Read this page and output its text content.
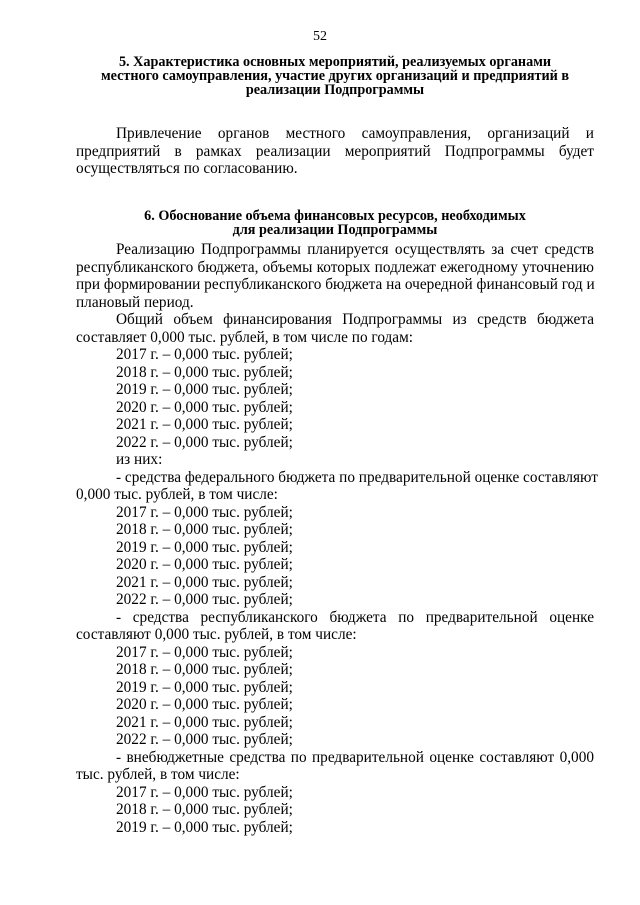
52
5. Характеристика основных мероприятий, реализуемых органами
местного самоуправления, участие других организаций и предприятий в
реализации Подпрограммы
Привлечение органов местного самоуправления, организаций и
предприятий в рамках реализации мероприятий Подпрограммы будет
осуществляться по согласованию.
6. Обоснование объема финансовых ресурсов, необходимых
для реализации Подпрограммы
Реализацию Подпрограммы планируется осуществлять за счет средств
республиканского бюджета, объемы которых подлежат ежегодному уточнению
при формировании республиканского бюджета на очередной финансовый год и
плановый период.
Общий объем финансирования Подпрограммы из средств бюджета
составляет 0,000 тыс. рублей, в том числе по годам:
2017 г. – 0,000 тыс. рублей;
2018 г. – 0,000 тыс. рублей;
2019 г. – 0,000 тыс. рублей;
2020 г. – 0,000 тыс. рублей;
2021 г. – 0,000 тыс. рублей;
2022 г. – 0,000 тыс. рублей;
из них:
- средства федерального бюджета по предварительной оценке составляют
0,000 тыс. рублей, в том числе:
2017 г. – 0,000 тыс. рублей;
2018 г. – 0,000 тыс. рублей;
2019 г. – 0,000 тыс. рублей;
2020 г. – 0,000 тыс. рублей;
2021 г. – 0,000 тыс. рублей;
2022 г. – 0,000 тыс. рублей;
- средства республиканского бюджета по предварительной оценке
составляют 0,000 тыс. рублей, в том числе:
2017 г. – 0,000 тыс. рублей;
2018 г. – 0,000 тыс. рублей;
2019 г. – 0,000 тыс. рублей;
2020 г. – 0,000 тыс. рублей;
2021 г. – 0,000 тыс. рублей;
2022 г. – 0,000 тыс. рублей;
- внебюджетные средства по предварительной оценке составляют 0,000
тыс. рублей, в том числе:
2017 г. – 0,000 тыс. рублей;
2018 г. – 0,000 тыс. рублей;
2019 г. – 0,000 тыс. рублей;
